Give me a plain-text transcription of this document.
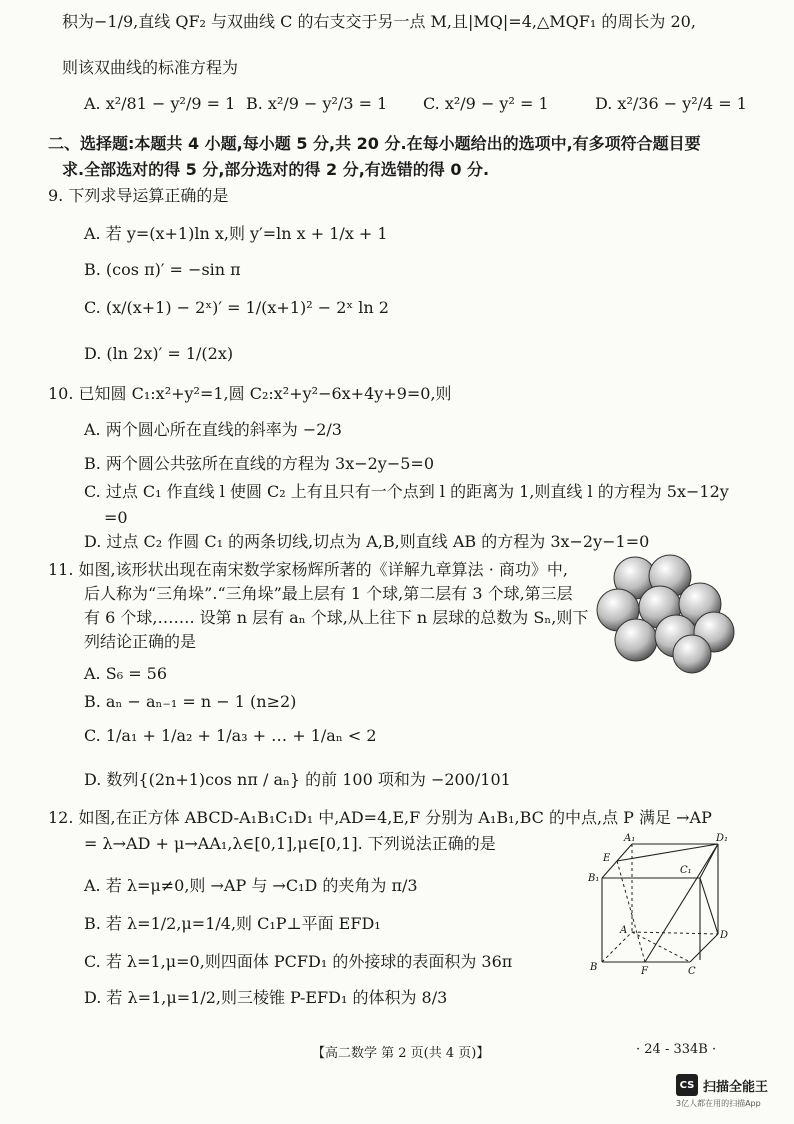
积为−1/9,直线 QF₂ 与双曲线 C 的右支交于另一点 M,且|MQ|=4,△MQF₁ 的周长为 20,
则该双曲线的标准方程为
A. x²/81 − y²/9 = 1 B. x²/9 − y²/3 = 1 C. x²/9 − y² = 1	D. x²/36 − y²/4 = 1
二、选择题:本题共 4 小题,每小题 5 分,共 20 分.在每小题给出的选项中,有多项符合题目要
求.全部选对的得 5 分,部分选对的得 2 分,有选错的得 0 分.
9. 下列求导运算正确的是
A. 若 y=(x+1)ln x,则 y′=ln x + 1/x + 1
B. (cos π)′ = −sin π
C. (x/(x+1) − 2ˣ)′ = 1/(x+1)² − 2ˣ ln 2
D. (ln 2x)′ = 1/(2x)
10. 已知圆 C₁:x²+y²=1,圆 C₂:x²+y²−6x+4y+9=0,则
A. 两个圆心所在直线的斜率为 −2/3
B. 两个圆公共弦所在直线的方程为 3x−2y−5=0
C. 过点 C₁ 作直线 l 使圆 C₂ 上有且只有一个点到 l 的距离为 1,则直线 l 的方程为 5x−12y
=0
D. 过点 C₂ 作圆 C₁ 的两条切线,切点为 A,B,则直线 AB 的方程为 3x−2y−1=0
11. 如图,该形状出现在南宋数学家杨辉所著的《详解九章算法 · 商功》中,
后人称为“三角垛”.“三角垛”最上层有 1 个球,第二层有 3 个球,第三层
有 6 个球,……. 设第 n 层有 aₙ 个球,从上往下 n 层球的总数为 Sₙ,则下
列结论正确的是
A. S₆ = 56
B. aₙ − aₙ₋₁ = n − 1 (n≥2)
C. 1/a₁ + 1/a₂ + 1/a₃ + … + 1/aₙ < 2
D. 数列{(2n+1)cos nπ / aₙ} 的前 100 项和为 −200/101
12. 如图,在正方体 ABCD-A₁B₁C₁D₁ 中,AD=4,E,F 分别为 A₁B₁,BC 的中点,点 P 满足 →AP
= λ→AD + μ→AA₁,λ∈[0,1],μ∈[0,1]. 下列说法正确的是
A. 若 λ=μ≠0,则 →AP 与 →C₁D 的夹角为 π/3
B. 若 λ=1/2,μ=1/4,则 C₁P⊥平面 EFD₁
C. 若 λ=1,μ=0,则四面体 PCFD₁ 的外接球的表面积为 36π
D. 若 λ=1,μ=1/2,则三棱锥 P-EFD₁ 的体积为 8/3
A₁	D₁
E
B₁
C₁
A	D
B	F	C
【高二数学 第 2 页(共 4 页)】	· 24 - 334B ·
CS 扫描全能王
3亿人都在用的扫描App
